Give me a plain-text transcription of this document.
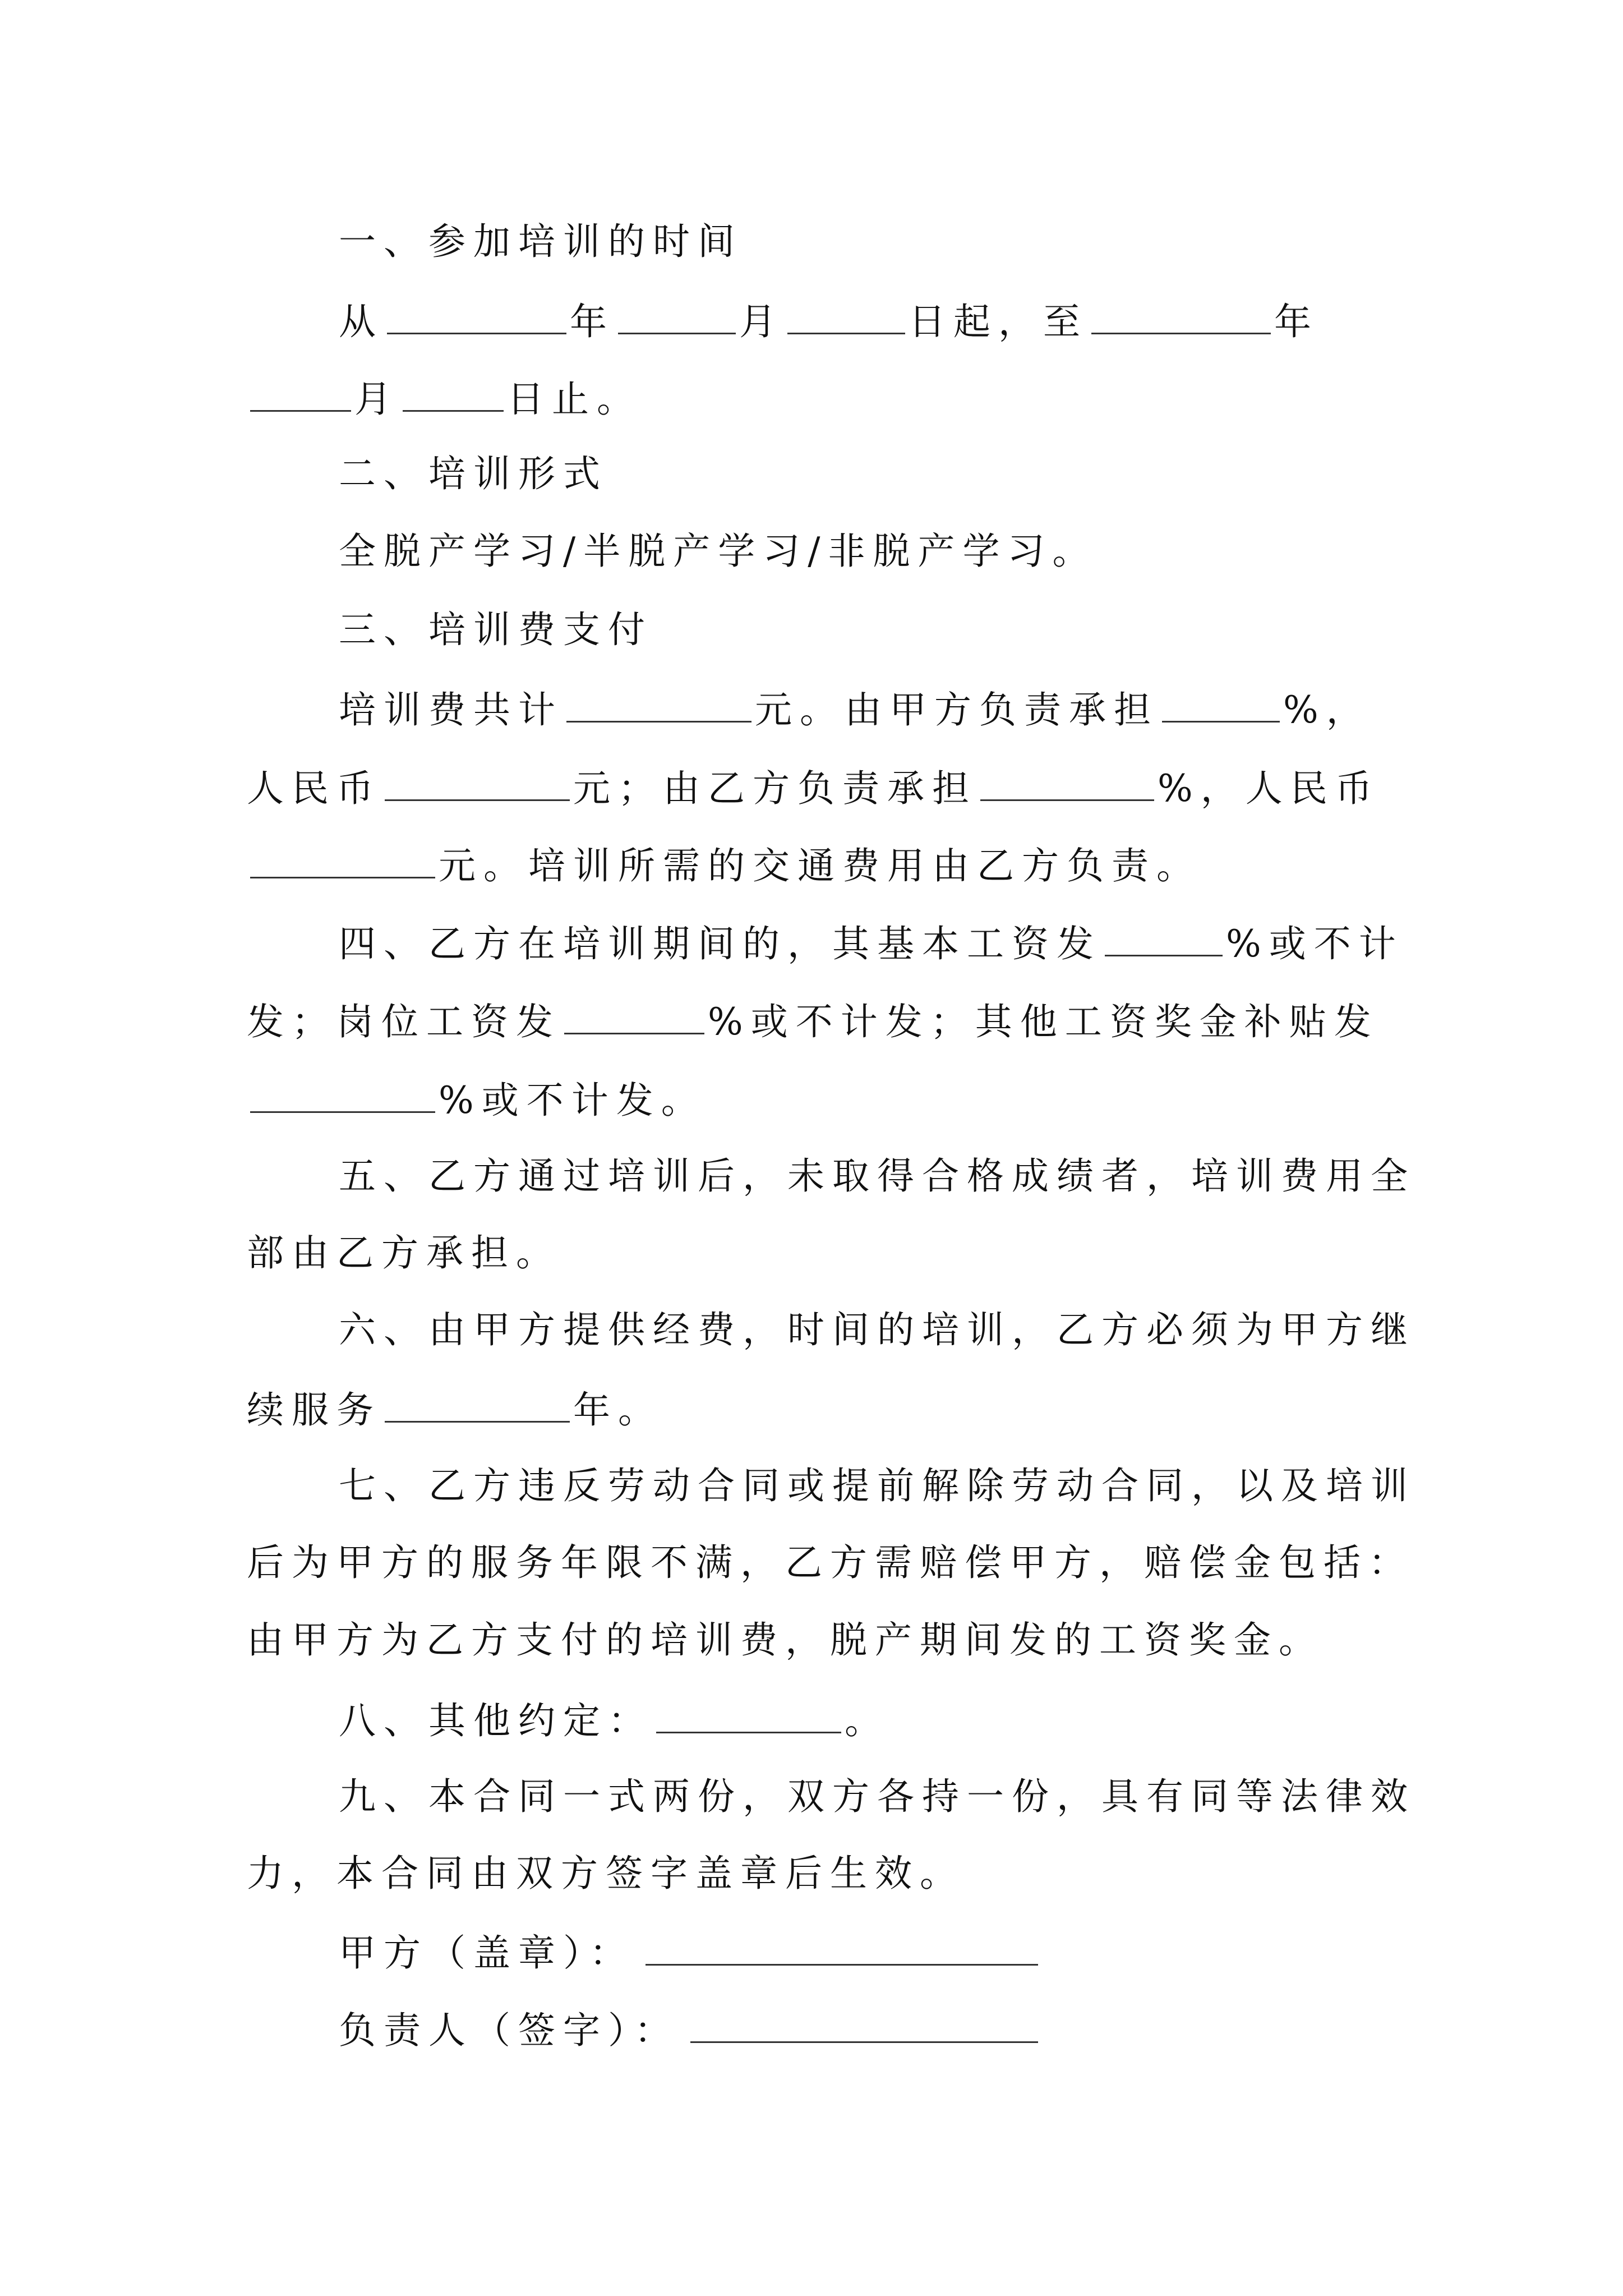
一、参加培训的时间
从	年	月	日起，至	年
月	日止。
二、培训形式
全脱产学习/半脱产学习/非脱产学习。
三、培训费支付
培训费共计	元。由甲方负责承担	%，
人民币	元；由乙方负责承担	%，人民币
元。培训所需的交通费用由乙方负责。
四、乙方在培训期间的，其基本工资发	%或不计
发；岗位工资发	%或不计发；其他工资奖金补贴发
%或不计发。
五、乙方通过培训后，未取得合格成绩者，培训费用全
部由乙方承担。
六、由甲方提供经费，时间的培训，乙方必须为甲方继
续服务	年。
七、乙方违反劳动合同或提前解除劳动合同，以及培训
后为甲方的服务年限不满，乙方需赔偿甲方，赔偿金包括：
由甲方为乙方支付的培训费，脱产期间发的工资奖金。
八、其他约定：	。
九、本合同一式两份，双方各持一份，具有同等法律效
力，本合同由双方签字盖章后生效。
甲方（盖章）：
负责人（签字）：
